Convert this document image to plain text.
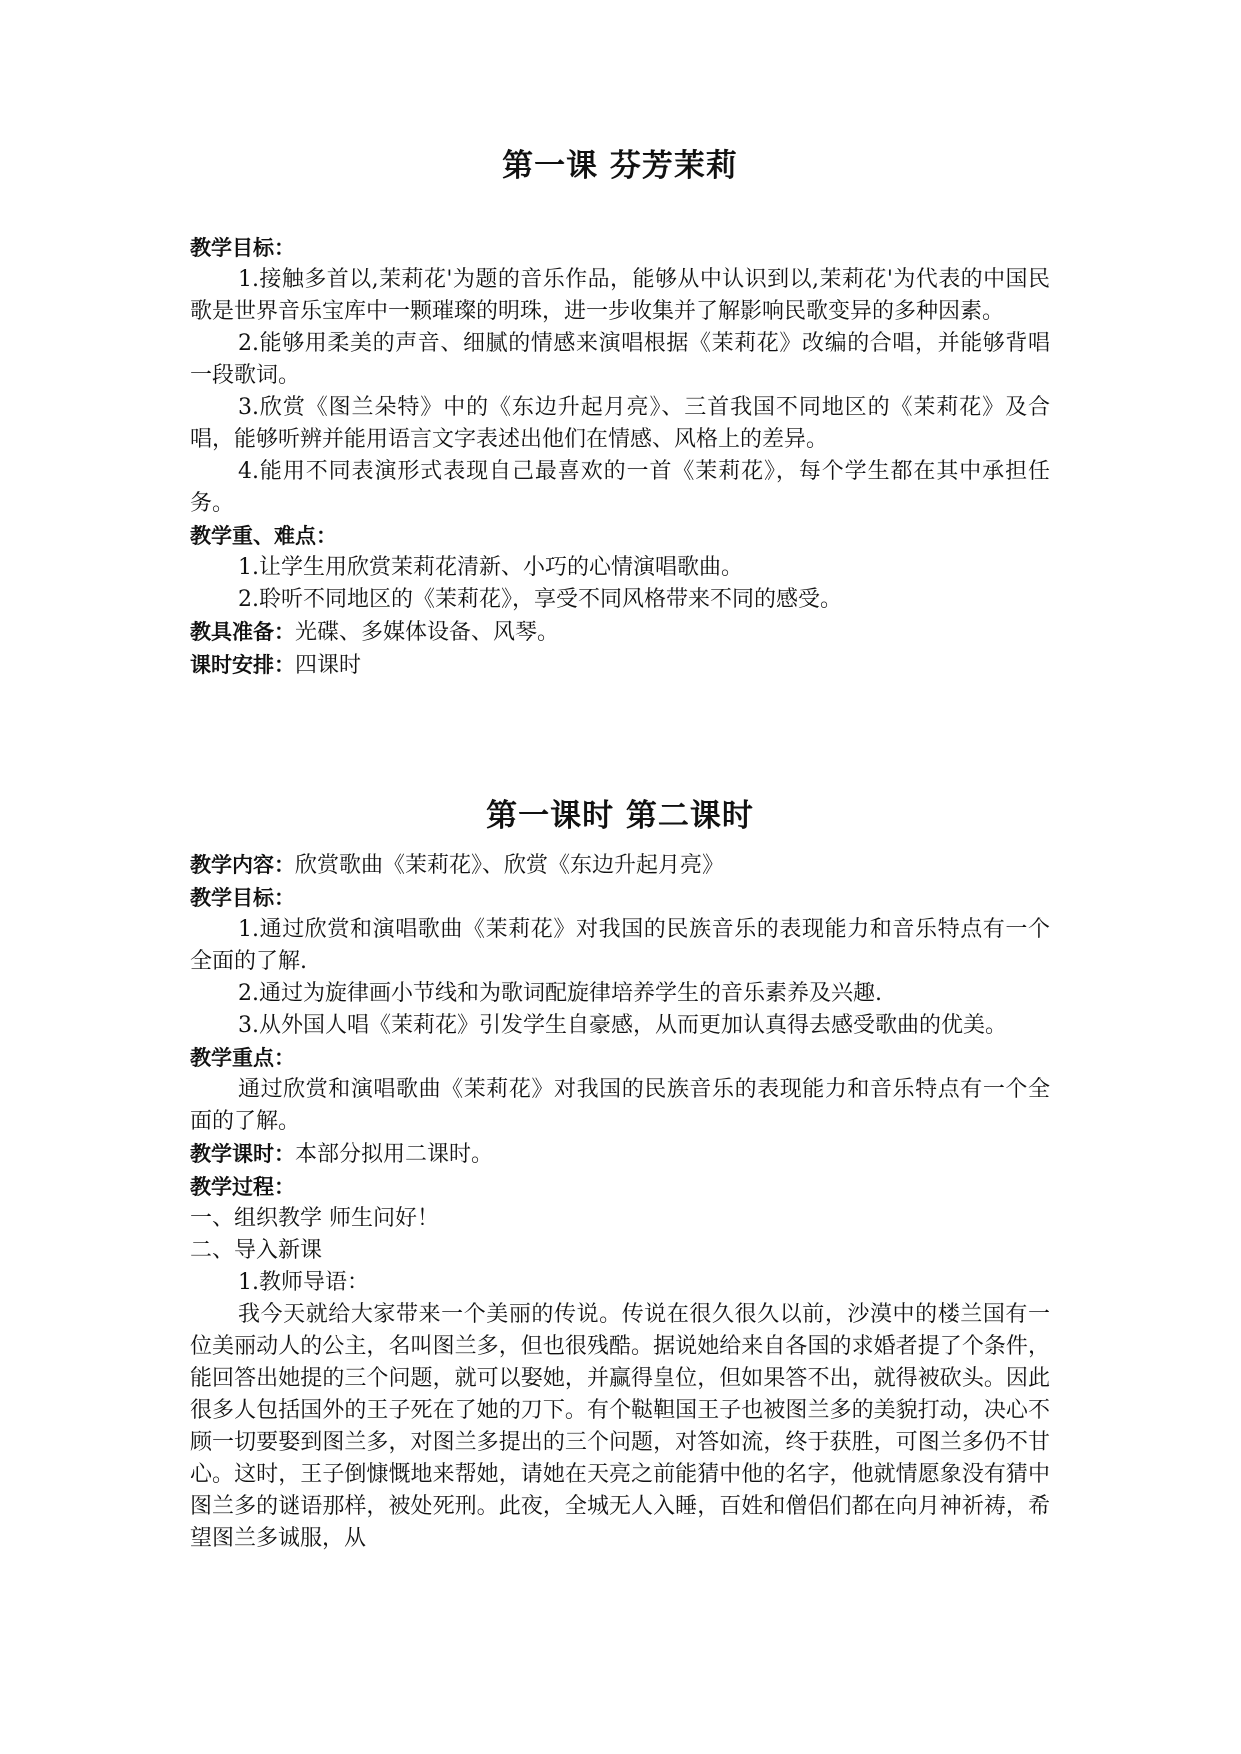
第一课 芬芳茉莉
教学目标：

1.接触多首以,茉莉花'为题的音乐作品，能够从中认识到以,茉莉花'为代表的中国民歌是世界音乐宝库中一颗璀璨的明珠，进一步收集并了解影响民歌变异的多种因素。

2.能够用柔美的声音、细腻的情感来演唱根据《茉莉花》改编的合唱，并能够背唱一段歌词。

3.欣赏《图兰朵特》中的《东边升起月亮》、三首我国不同地区的《茉莉花》及合唱，能够听辨并能用语言文字表述出他们在情感、风格上的差异。

4.能用不同表演形式表现自己最喜欢的一首《茉莉花》，每个学生都在其中承担任务。

教学重、难点：

1.让学生用欣赏茉莉花清新、小巧的心情演唱歌曲。

2.聆听不同地区的《茉莉花》，享受不同风格带来不同的感受。

教具准备：光碟、多媒体设备、风琴。

课时安排：四课时

第一课时 第二课时

教学内容：欣赏歌曲《茉莉花》、欣赏《东边升起月亮》

教学目标：

1.通过欣赏和演唱歌曲《茉莉花》对我国的民族音乐的表现能力和音乐特点有一个全面的了解.

2.通过为旋律画小节线和为歌词配旋律培养学生的音乐素养及兴趣.

3.从外国人唱《茉莉花》引发学生自豪感，从而更加认真得去感受歌曲的优美。

教学重点：

通过欣赏和演唱歌曲《茉莉花》对我国的民族音乐的表现能力和音乐特点有一个全面的了解。

教学课时：本部分拟用二课时。

教学过程：

一、组织教学 师生问好！

二、导入新课

1.教师导语：

我今天就给大家带来一个美丽的传说。传说在很久很久以前，沙漠中的楼兰国有一位美丽动人的公主，名叫图兰多，但也很残酷。据说她给来自各国的求婚者提了个条件，能回答出她提的三个问题，就可以娶她，并赢得皇位，但如果答不出，就得被砍头。因此很多人包括国外的王子死在了她的刀下。有个鞑靼国王子也被图兰多的美貌打动，决心不顾一切要娶到图兰多，对图兰多提出的三个问题，对答如流，终于获胜，可图兰多仍不甘心。这时，王子倒慷慨地来帮她，请她在天亮之前能猜中他的名字，他就情愿象没有猜中图兰多的谜语那样，被处死刑。此夜，全城无人入睡，百姓和僧侣们都在向月神祈祷，希望图兰多诚服，从
